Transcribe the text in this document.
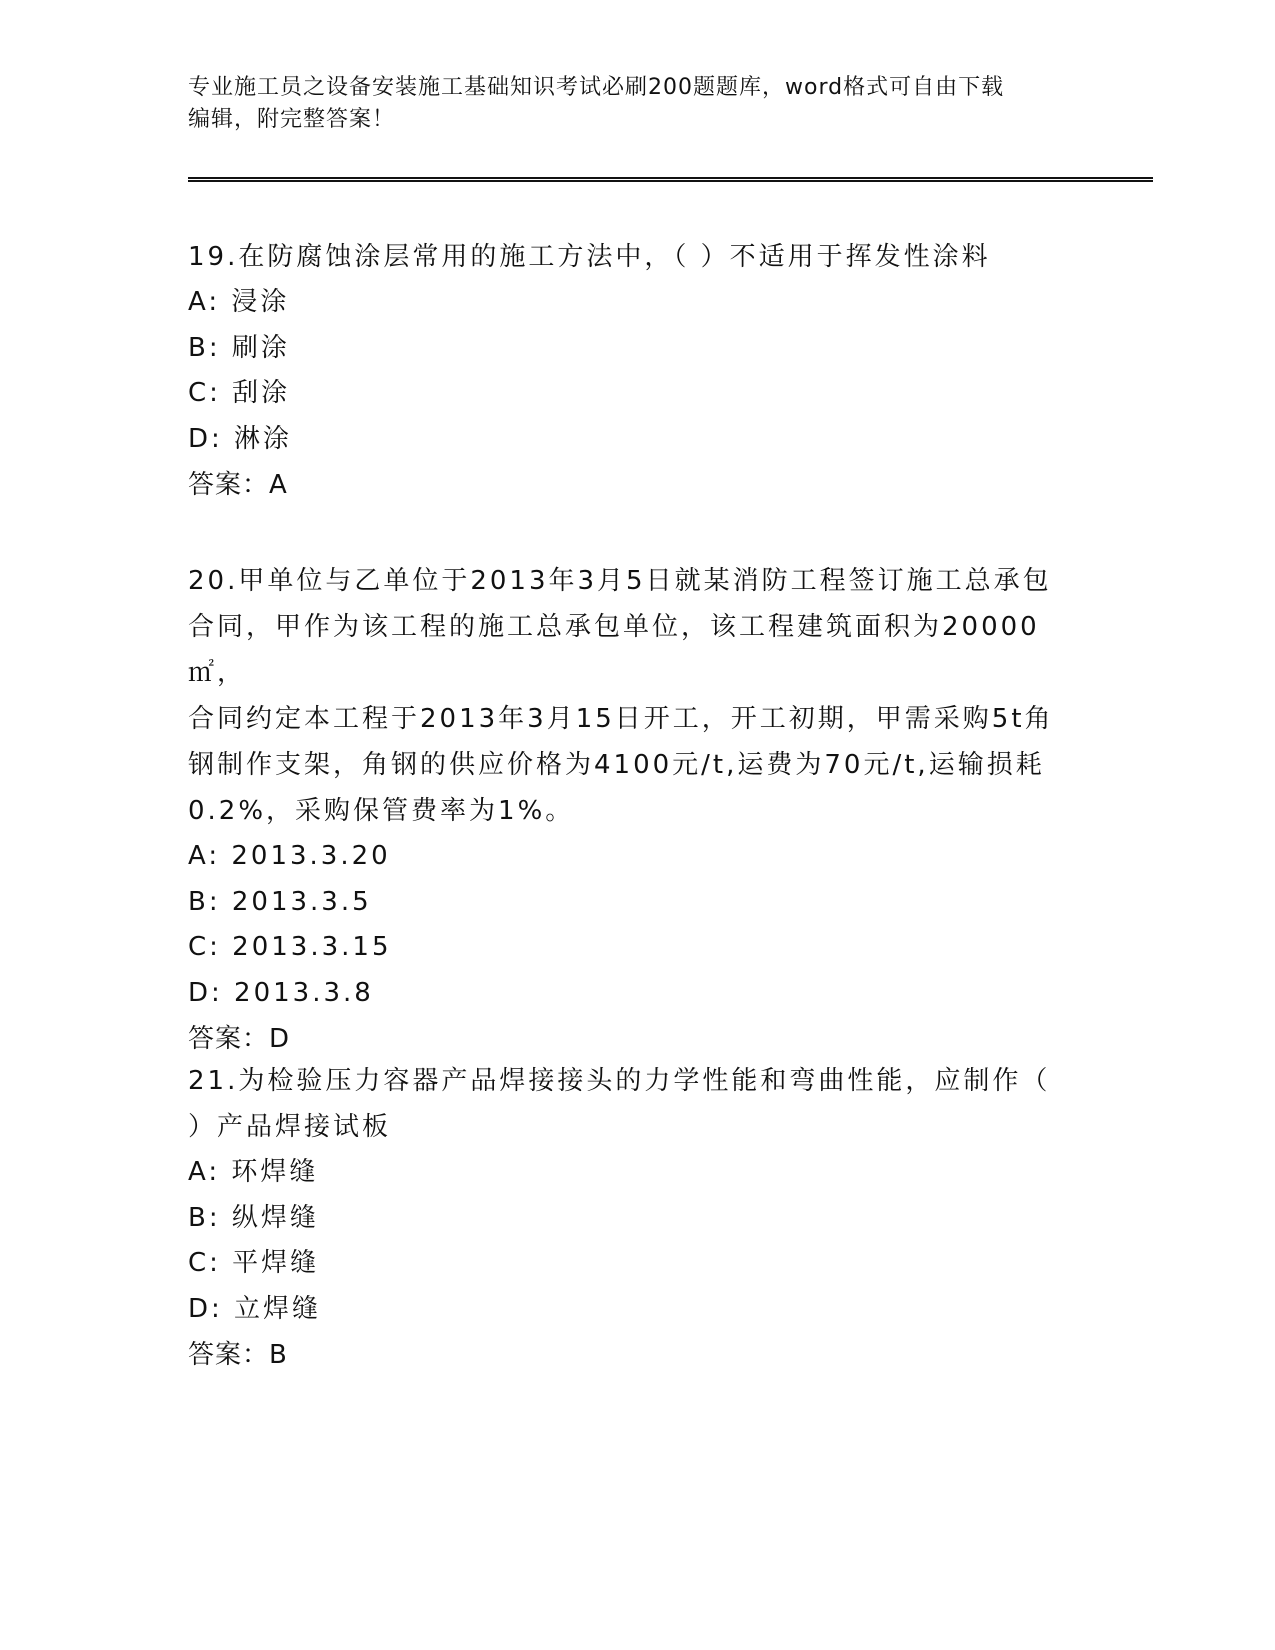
专业施工员之设备安装施工基础知识考试必刷200题题库，word格式可自由下载
编辑，附完整答案！

19.在防腐蚀涂层常用的施工方法中，（ ）不适用于挥发性涂料

A: 浸涂

B: 刷涂

C: 刮涂

D: 淋涂

答案：A

20.甲单位与乙单位于2013年3月5日就某消防工程签订施工总承包

合同，甲作为该工程的施工总承包单位，该工程建筑面积为20000㎡，

合同约定本工程于2013年3月15日开工，开工初期，甲需采购5t角

钢制作支架，角钢的供应价格为4100元/t,运费为70元/t,运输损耗

0.2%，采购保管费率为1%。

A: 2013.3.20

B: 2013.3.5

C: 2013.3.15

D: 2013.3.8

答案：D

21.为检验压力容器产品焊接接头的力学性能和弯曲性能，应制作（

）产品焊接试板

A: 环焊缝

B: 纵焊缝

C: 平焊缝

D: 立焊缝

答案：B
